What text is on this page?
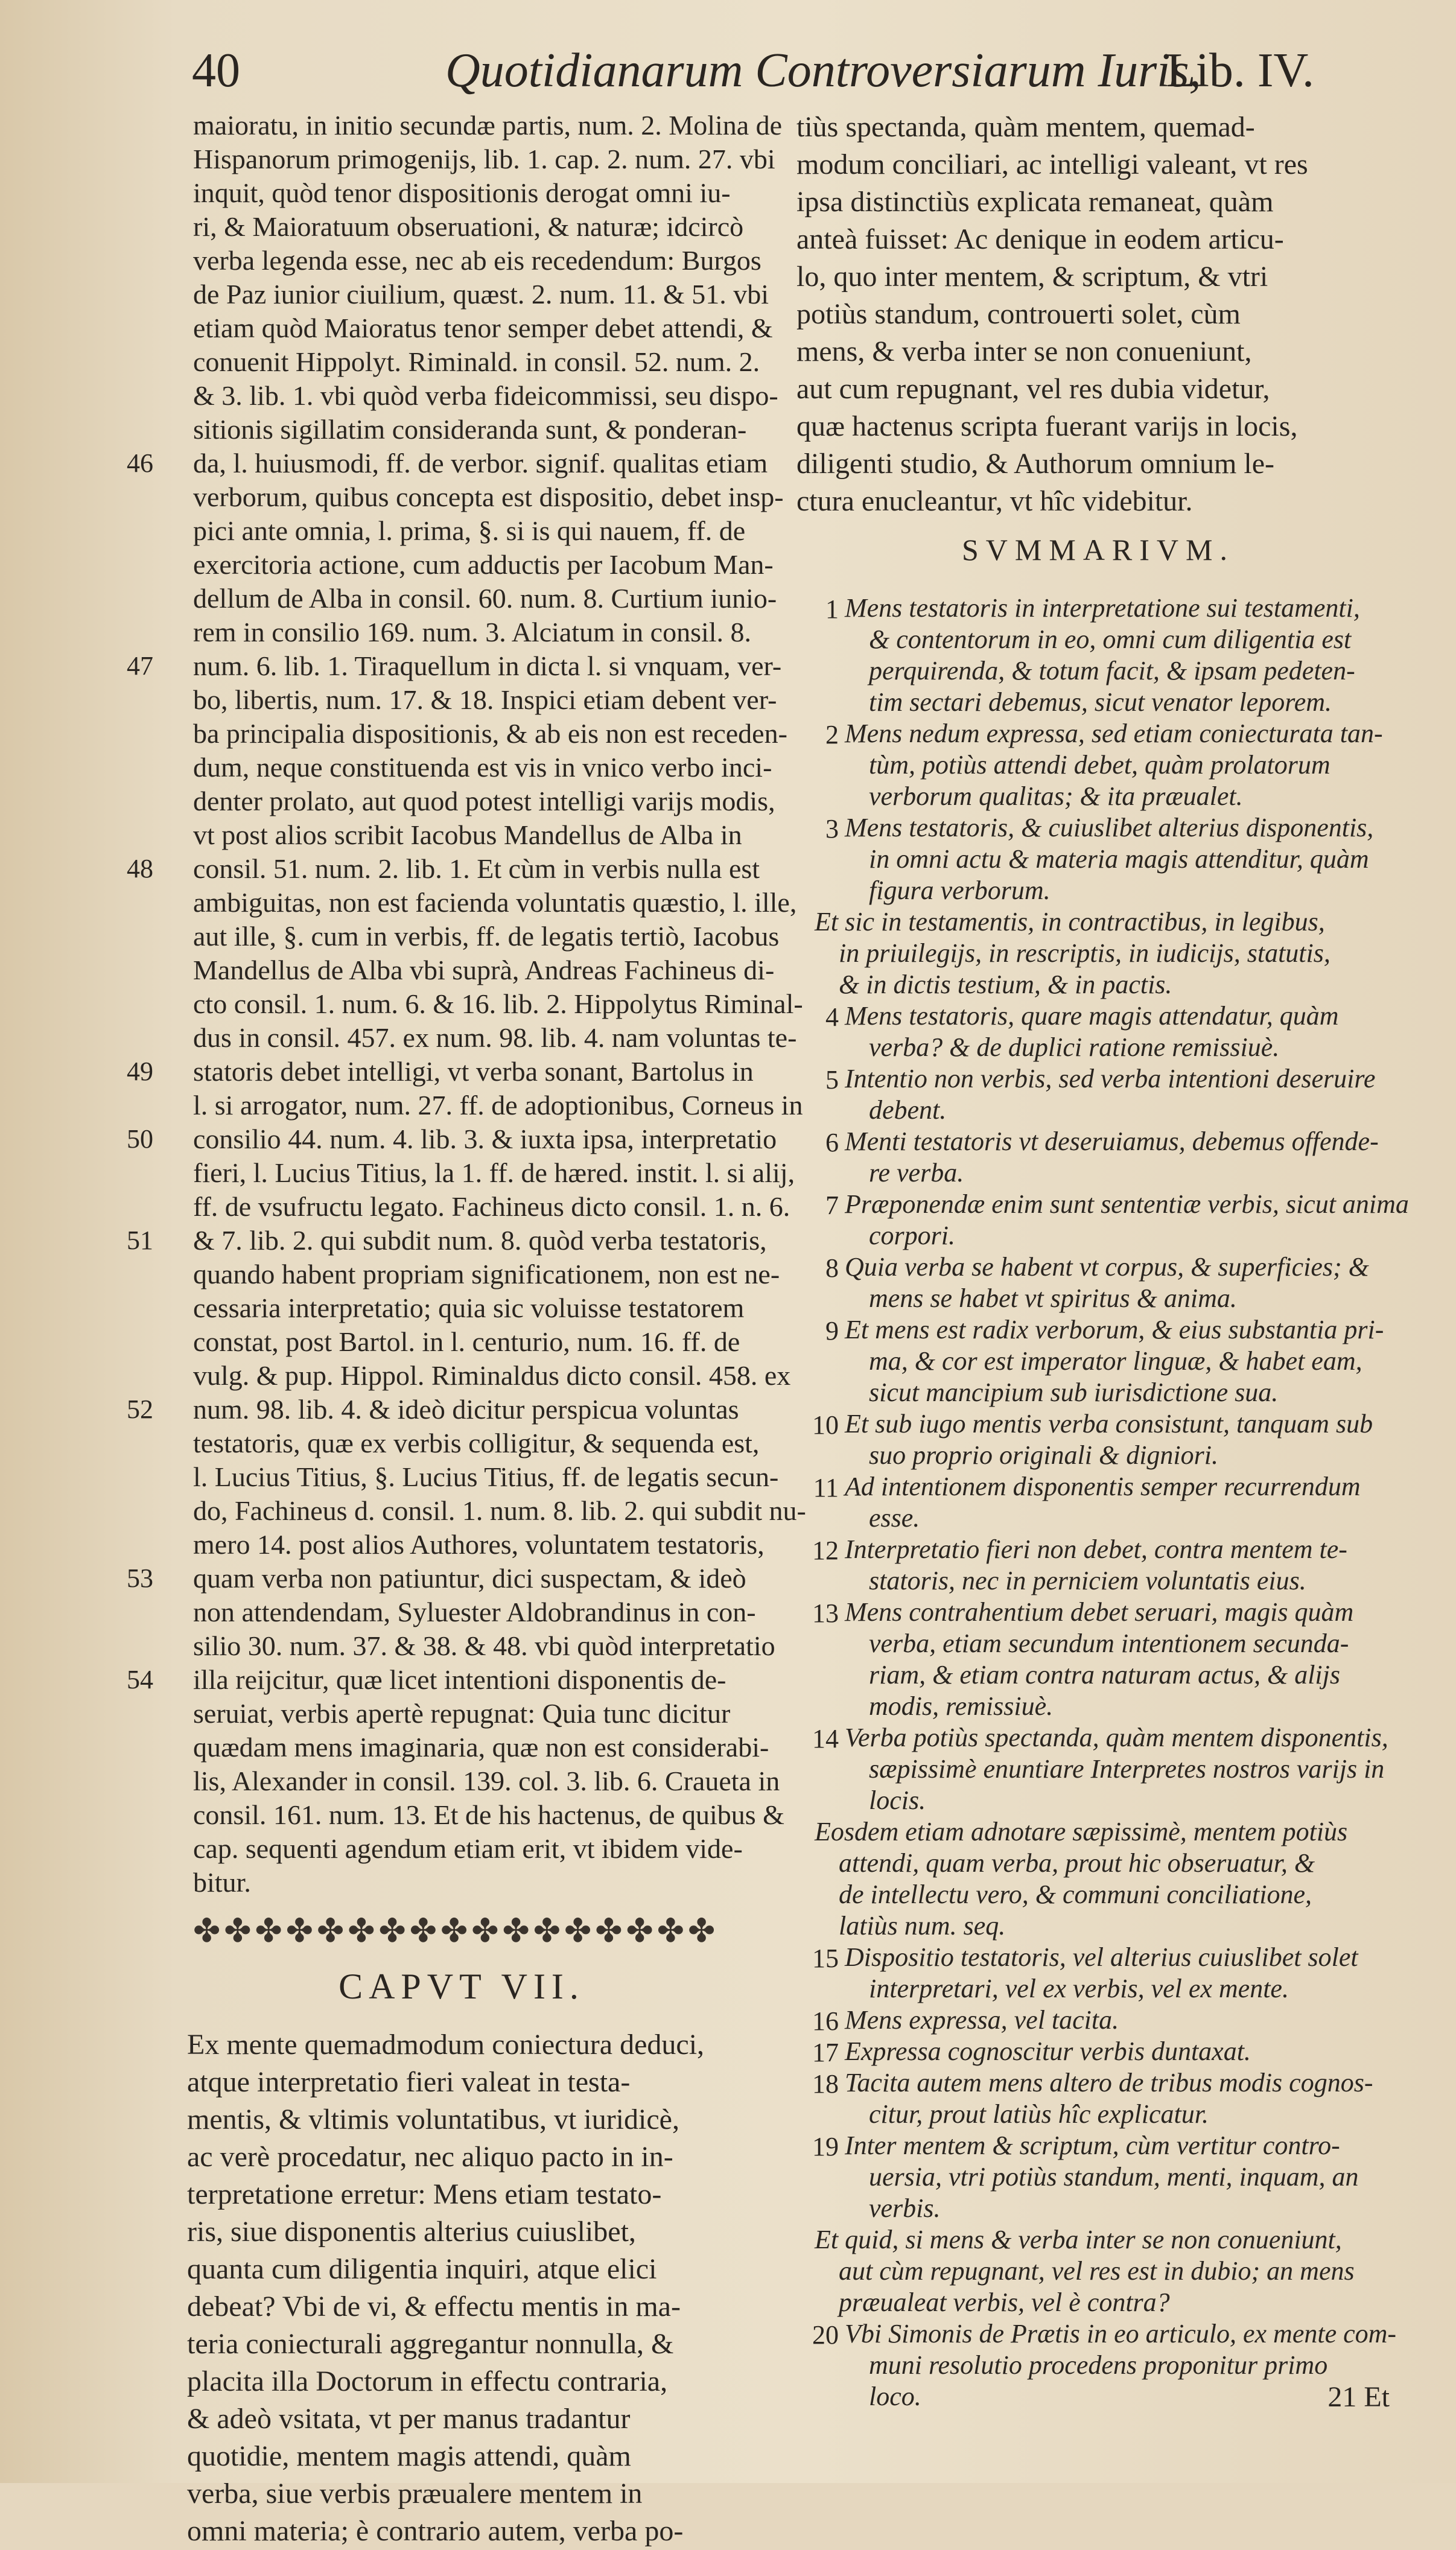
40	Quotidianarum Controversiarum Iuris,
Lib. IV.
maioratu, in initio secundæ partis, num. 2. Molina de
Hispanorum primogenijs, lib. 1. cap. 2. num. 27. vbi
inquit, quòd tenor dispositionis derogat omni iu-
ri, & Maioratuum obseruationi, & naturæ; idcircò
verba legenda esse, nec ab eis recedendum: Burgos
de Paz iunior ciuilium, quæst. 2. num. 11. & 51. vbi
etiam quòd Maioratus tenor semper debet attendi, &
conuenit Hippolyt. Riminald. in consil. 52. num. 2.
& 3. lib. 1. vbi quòd verba fideicommissi, seu dispo-
sitionis sigillatim consideranda sunt, & ponderan-
da, l. huiusmodi, ff. de verbor. signif. qualitas etiam
verborum, quibus concepta est dispositio, debet insp-
pici ante omnia, l. prima, §. si is qui nauem, ff. de
exercitoria actione, cum adductis per Iacobum Man-
dellum de Alba in consil. 60. num. 8. Curtium iunio-
rem in consilio 169. num. 3. Alciatum in consil. 8.
num. 6. lib. 1. Tiraquellum in dicta l. si vnquam, ver-
bo, libertis, num. 17. & 18. Inspici etiam debent ver-
ba principalia dispositionis, & ab eis non est receden-
dum, neque constituenda est vis in vnico verbo inci-
denter prolato, aut quod potest intelligi varijs modis,
vt post alios scribit Iacobus Mandellus de Alba in
consil. 51. num. 2. lib. 1. Et cùm in verbis nulla est
ambiguitas, non est facienda voluntatis quæstio, l. ille,
aut ille, §. cum in verbis, ff. de legatis tertiò, Iacobus
Mandellus de Alba vbi suprà, Andreas Fachineus di-
cto consil. 1. num. 6. & 16. lib. 2. Hippolytus Riminal-
dus in consil. 457. ex num. 98. lib. 4. nam voluntas te-
statoris debet intelligi, vt verba sonant, Bartolus in
l. si arrogator, num. 27. ff. de adoptionibus, Corneus in
consilio 44. num. 4. lib. 3. & iuxta ipsa, interpretatio
fieri, l. Lucius Titius, la 1. ff. de hæred. instit. l. si alij,
ff. de vsufructu legato. Fachineus dicto consil. 1. n. 6.
& 7. lib. 2. qui subdit num. 8. quòd verba testatoris,
quando habent propriam significationem, non est ne-
cessaria interpretatio; quia sic voluisse testatorem
constat, post Bartol. in l. centurio, num. 16. ff. de
vulg. & pup. Hippol. Riminaldus dicto consil. 458. ex
num. 98. lib. 4. & ideò dicitur perspicua voluntas
testatoris, quæ ex verbis colligitur, & sequenda est,
l. Lucius Titius, §. Lucius Titius, ff. de legatis secun-
do, Fachineus d. consil. 1. num. 8. lib. 2. qui subdit nu-
mero 14. post alios Authores, voluntatem testatoris,
quam verba non patiuntur, dici suspectam, & ideò
non attendendam, Syluester Aldobrandinus in con-
silio 30. num. 37. & 38. & 48. vbi quòd interpretatio
illa reijcitur, quæ licet intentioni disponentis de-
seruiat, verbis apertè repugnat: Quia tunc dicitur
quædam mens imaginaria, quæ non est considerabi-
lis, Alexander in consil. 139. col. 3. lib. 6. Craueta in
consil. 161. num. 13. Et de his hactenus, de quibus &
cap. sequenti agendum etiam erit, vt ibidem vide-
bitur.
46
47
48
49
50
51
52
53
54
✤✤✤✤✤✤✤✤✤✤✤✤✤✤✤✤✤
CAPVT VII.
Ex mente quemadmodum coniectura deduci,
atque interpretatio fieri valeat in testa-
mentis, & vltimis voluntatibus, vt iuridicè,
ac verè procedatur, nec aliquo pacto in in-
terpretatione erretur: Mens etiam testato-
ris, siue disponentis alterius cuiuslibet,
quanta cum diligentia inquiri, atque elici
debeat? Vbi de vi, & effectu mentis in ma-
teria coniecturali aggregantur nonnulla, &
placita illa Doctorum in effectu contraria,
& adeò vsitata, vt per manus tradantur
quotidie, mentem magis attendi, quàm
verba, siue verbis præualere mentem in
omni materia; è contrario autem, verba po-
tiùs spectanda, quàm mentem, quemad-
modum conciliari, ac intelligi valeant, vt res
ipsa distinctiùs explicata remaneat, quàm
anteà fuisset: Ac denique in eodem articu-
lo, quo inter mentem, & scriptum, & vtri
potiùs standum, controuerti solet, cùm
mens, & verba inter se non conueniunt,
aut cum repugnant, vel res dubia videtur,
quæ hactenus scripta fuerant varijs in locis,
diligenti studio, & Authorum omnium le-
ctura enucleantur, vt hîc videbitur.
SVMMARIVM.
1 Mens testatoris in interpretatione sui testamenti,
& contentorum in eo, omni cum diligentia est
perquirenda, & totum facit, & ipsam pedeten-
tim sectari debemus, sicut venator leporem.
2 Mens nedum expressa, sed etiam coniecturata tan-
tùm, potiùs attendi debet, quàm prolatorum
verborum qualitas; & ita præualet.
3 Mens testatoris, & cuiuslibet alterius disponentis,
in omni actu & materia magis attenditur, quàm
figura verborum.
Et sic in testamentis, in contractibus, in legibus,
in priuilegijs, in rescriptis, in iudicijs, statutis,
& in dictis testium, & in pactis.
4 Mens testatoris, quare magis attendatur, quàm
verba? & de duplici ratione remissiuè.
5 Intentio non verbis, sed verba intentioni deseruire
debent.
6 Menti testatoris vt deseruiamus, debemus offende-
re verba.
7 Præponendæ enim sunt sententiæ verbis, sicut anima
corpori.
8 Quia verba se habent vt corpus, & superficies; &
mens se habet vt spiritus & anima.
9 Et mens est radix verborum, & eius substantia pri-
ma, & cor est imperator linguæ, & habet eam,
sicut mancipium sub iurisdictione sua.
10 Et sub iugo mentis verba consistunt, tanquam sub
suo proprio originali & digniori.
11 Ad intentionem disponentis semper recurrendum
esse.
12 Interpretatio fieri non debet, contra mentem te-
statoris, nec in perniciem voluntatis eius.
13 Mens contrahentium debet seruari, magis quàm
verba, etiam secundum intentionem secunda-
riam, & etiam contra naturam actus, & alijs
modis, remissiuè.
14 Verba potiùs spectanda, quàm mentem disponentis,
sæpissimè enuntiare Interpretes nostros varijs in
locis.
Eosdem etiam adnotare sæpissimè, mentem potiùs
attendi, quam verba, prout hic obseruatur, &
de intellectu vero, & communi conciliatione,
latiùs num. seq.
15 Dispositio testatoris, vel alterius cuiuslibet solet
interpretari, vel ex verbis, vel ex mente.
16 Mens expressa, vel tacita.
17 Expressa cognoscitur verbis duntaxat.
18 Tacita autem mens altero de tribus modis cognos-
citur, prout latiùs hîc explicatur.
19 Inter mentem & scriptum, cùm vertitur contro-
uersia, vtri potiùs standum, menti, inquam, an
verbis.
Et quid, si mens & verba inter se non conueniunt,
aut cùm repugnant, vel res est in dubio; an mens
præualeat verbis, vel è contra?
20 Vbi Simonis de Prætis in eo articulo, ex mente com-
muni resolutio procedens proponitur primo
loco.	21 Et
